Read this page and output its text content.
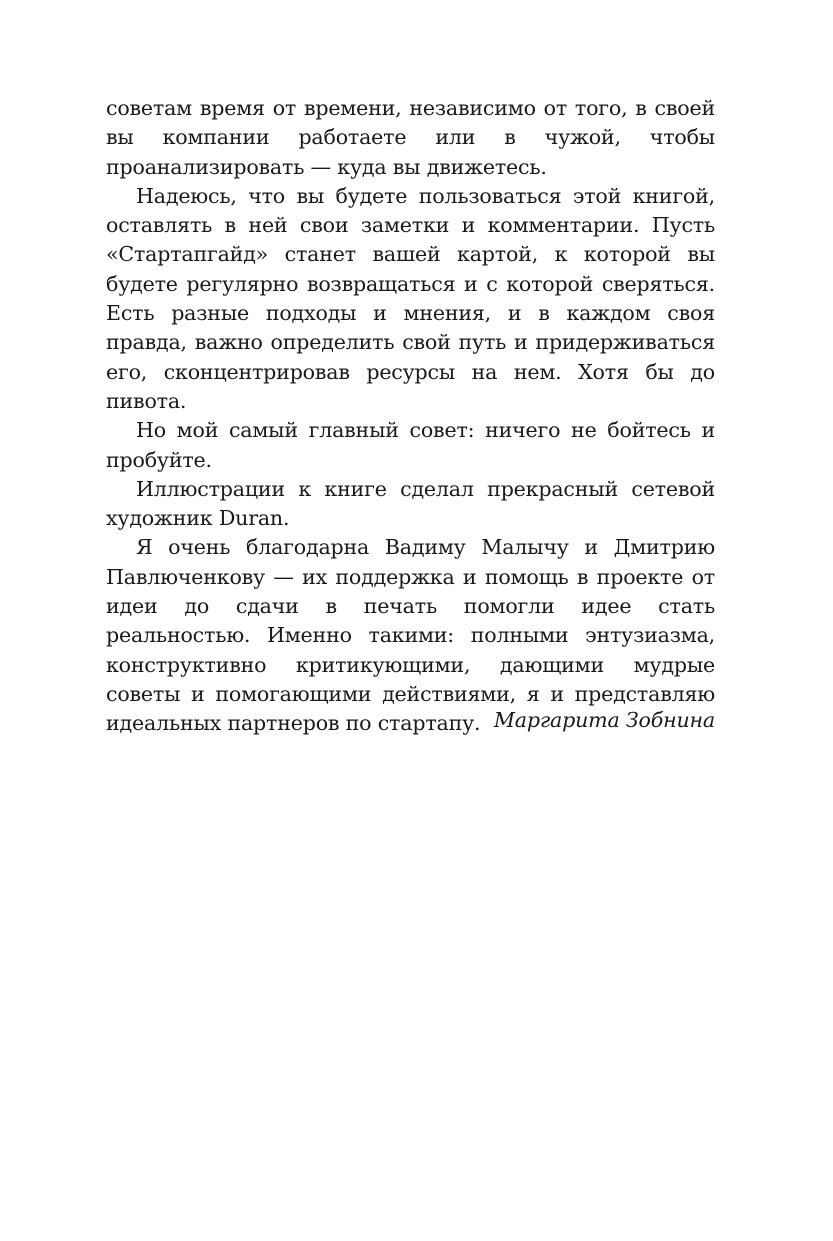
советам время от времени, независимо от того, в своей вы компании работаете или в чужой, чтобы проанализировать — куда вы движетесь.

Надеюсь, что вы будете пользоваться этой книгой, оставлять в ней свои заметки и комментарии. Пусть «Стартапгайд» станет вашей картой, к которой вы будете регулярно возвращаться и с которой сверяться. Есть разные подходы и мнения, и в каждом своя правда, важно определить свой путь и придерживаться его, сконцентрировав ресурсы на нем. Хотя бы до пивота.

Но мой самый главный совет: ничего не бойтесь и пробуйте.

Иллюстрации к книге сделал прекрасный сетевой художник Duran.

Я очень благодарна Вадиму Малычу и Дмитрию Павлюченкову — их поддержка и помощь в проекте от идеи до сдачи в печать помогли идее стать реальностью. Именно такими: полными энтузиазма, конструктивно критикующими, дающими мудрые советы и помогающими действиями, я и представляю идеальных партнеров по стартапу. Маргарита Зобнина
